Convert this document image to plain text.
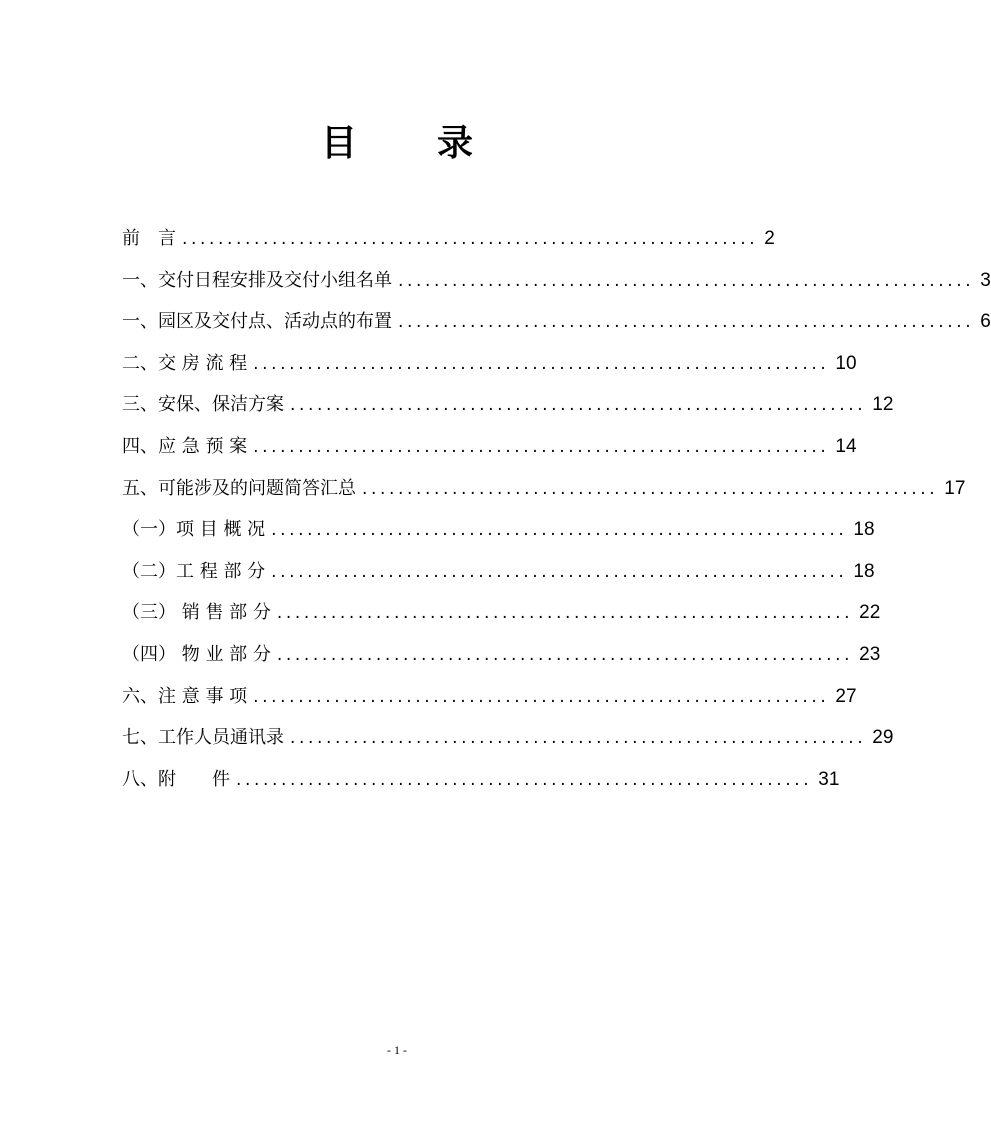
目录
前　言 ................................................................ 2
一、交付日程安排及交付小组名单 ................................................................ 3
一、园区及交付点、活动点的布置 ................................................................ 6
二、交 房 流 程 ................................................................ 10
三、安保、保洁方案 ................................................................ 12
四、应 急 预 案 ................................................................ 14
五、可能涉及的问题简答汇总 ................................................................ 17
（一）项 目 概 况 ................................................................ 18
（二）工 程 部 分 ................................................................ 18
（三） 销 售 部 分 ................................................................ 22
（四） 物 业 部 分 ................................................................ 23
六、注 意 事 项 ................................................................ 27
七、工作人员通讯录 ................................................................ 29
八、附　　件 ................................................................ 31
- 1 -
